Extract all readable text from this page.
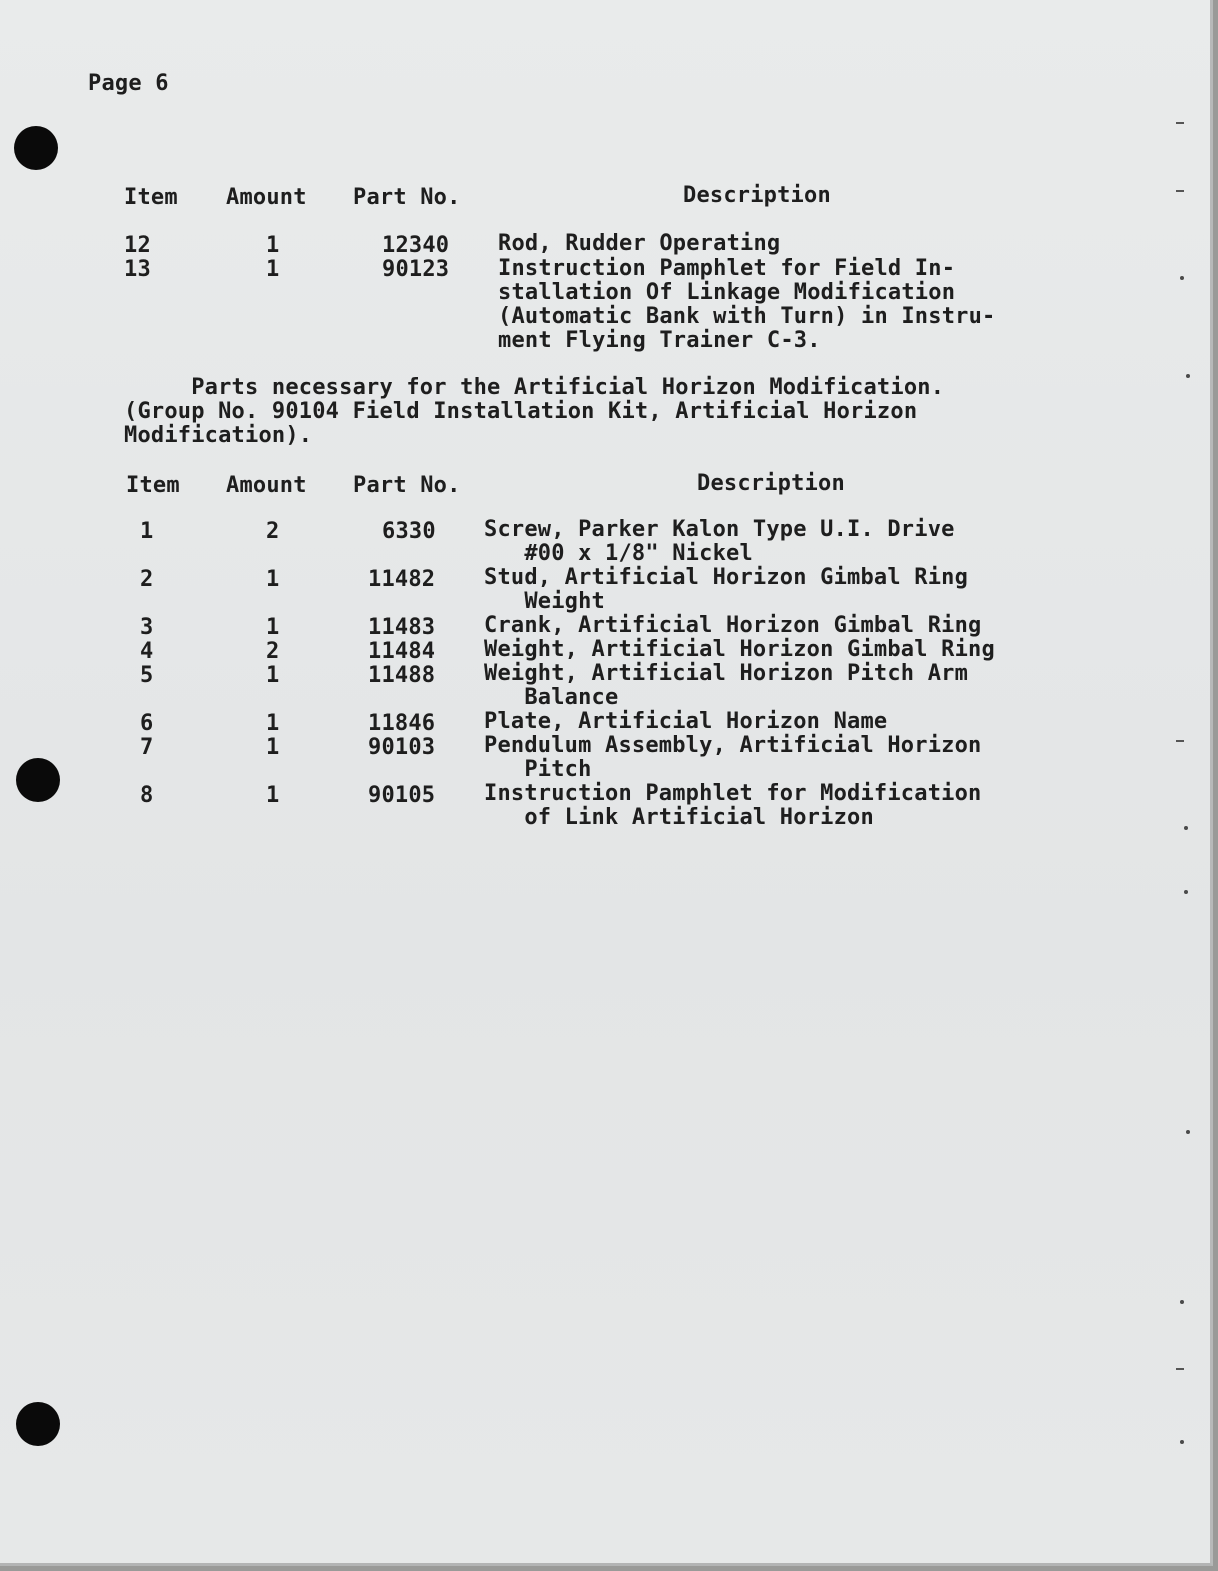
Page 6
Item Amount Part No.	Description
12	1	12340 Rod, Rudder Operating
13	1	90123 Instruction Pamphlet for Field In-
stallation Of Linkage Modification
(Automatic Bank with Turn) in Instru-
ment Flying Trainer C-3.
Parts necessary for the Artificial Horizon Modification.
(Group No. 90104 Field Installation Kit, Artificial Horizon
Modification).
Item Amount Part No.	Description
1	2	6330 Screw, Parker Kalon Type U.I. Drive
#00 x 1/8" Nickel
2	1	11482 Stud, Artificial Horizon Gimbal Ring
Weight
3	1	11483 Crank, Artificial Horizon Gimbal Ring
4	2	11484 Weight, Artificial Horizon Gimbal Ring
5	1	11488 Weight, Artificial Horizon Pitch Arm
Balance
6	1	11846 Plate, Artificial Horizon Name
7	1	90103 Pendulum Assembly, Artificial Horizon
Pitch
8	1	90105 Instruction Pamphlet for Modification
of Link Artificial Horizon
